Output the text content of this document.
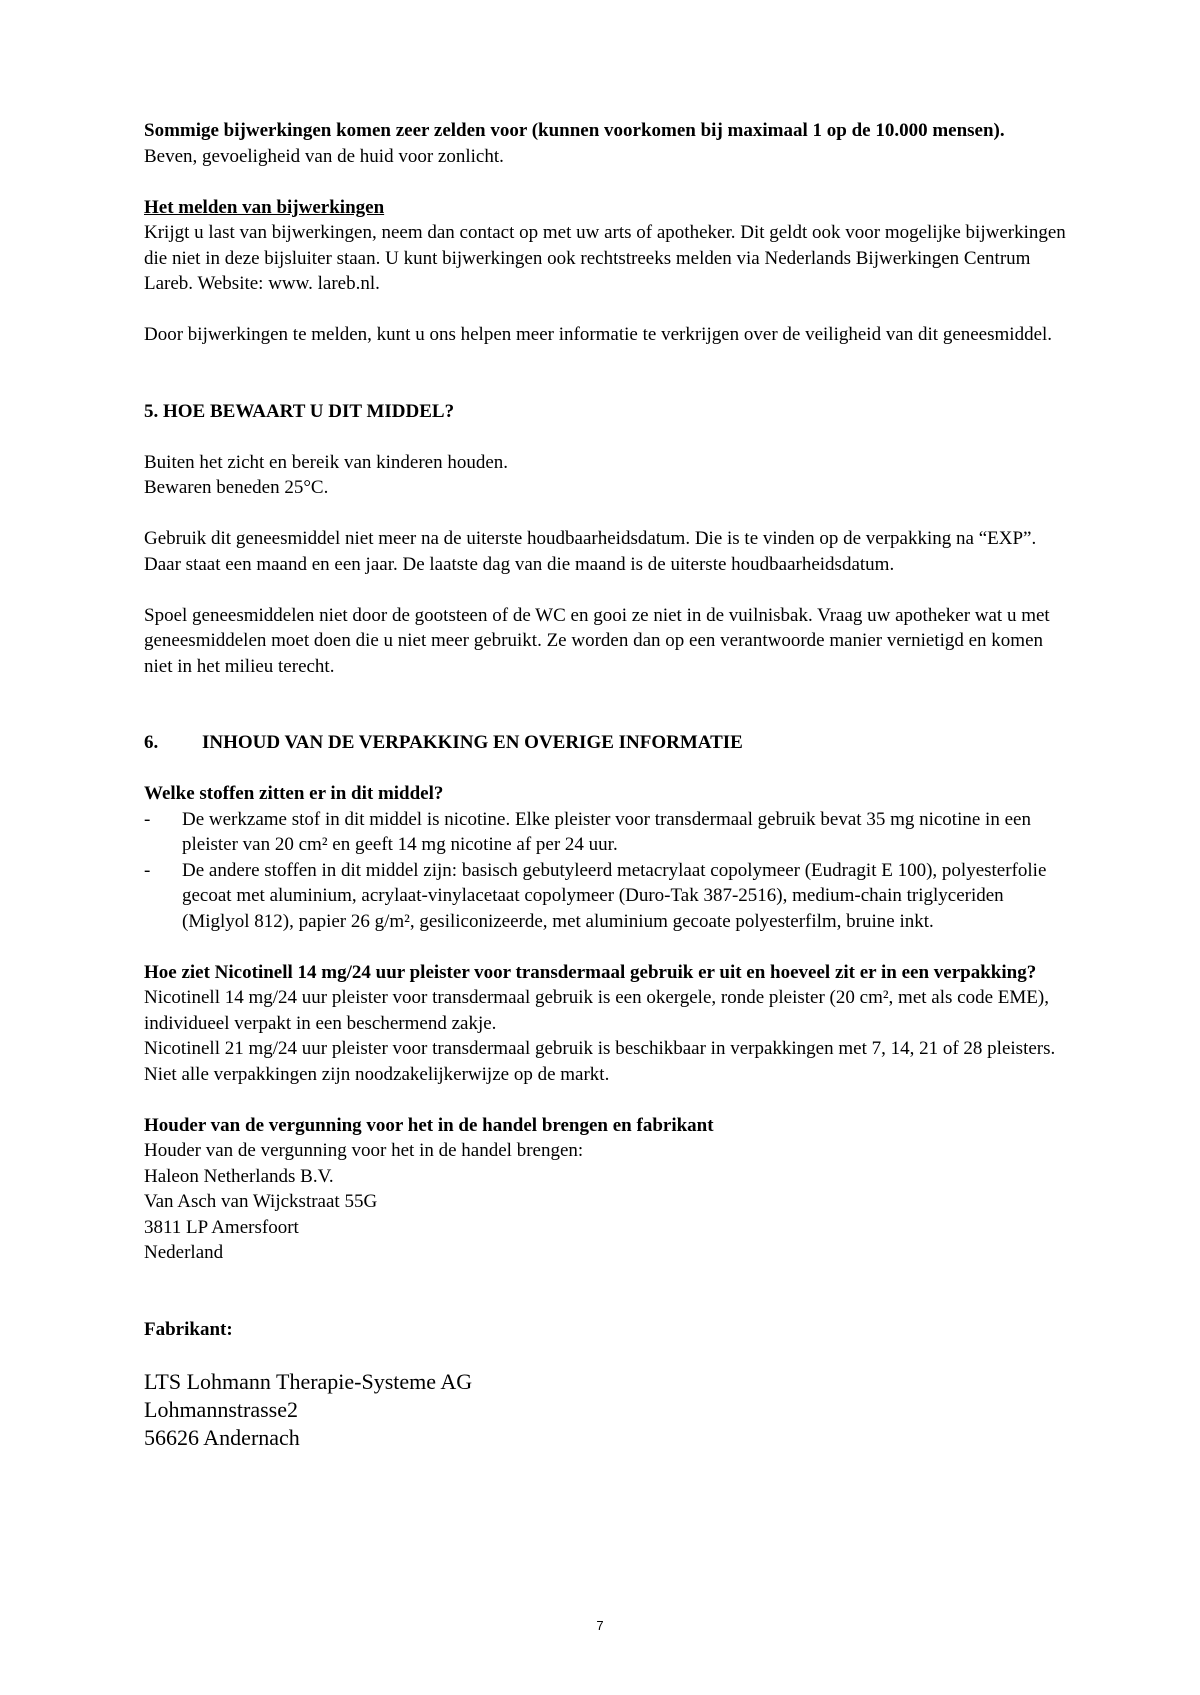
Sommige bijwerkingen komen zeer zelden voor (kunnen voorkomen bij maximaal 1 op de 10.000 mensen).

Beven, gevoeligheid van de huid voor zonlicht.

Het melden van bijwerkingen

Krijgt u last van bijwerkingen, neem dan contact op met uw arts of apotheker. Dit geldt ook voor mogelijke bijwerkingen die niet in deze bijsluiter staan. U kunt bijwerkingen ook rechtstreeks melden via Nederlands Bijwerkingen Centrum Lareb. Website: www. lareb.nl.

Door bijwerkingen te melden, kunt u ons helpen meer informatie te verkrijgen over de veiligheid van dit geneesmiddel.

5. HOE BEWAART U DIT MIDDEL?

Buiten het zicht en bereik van kinderen houden.

Bewaren beneden 25°C.

Gebruik dit geneesmiddel niet meer na de uiterste houdbaarheidsdatum. Die is te vinden op de verpakking na “EXP”. Daar staat een maand en een jaar. De laatste dag van die maand is de uiterste houdbaarheidsdatum.

Spoel geneesmiddelen niet door de gootsteen of de WC en gooi ze niet in de vuilnisbak. Vraag uw apotheker wat u met geneesmiddelen moet doen die u niet meer gebruikt. Ze worden dan op een verantwoorde manier vernietigd en komen niet in het milieu terecht.

6.	INHOUD VAN DE VERPAKKING EN OVERIGE INFORMATIE

Welke stoffen zitten er in dit middel?

-	De werkzame stof in dit middel is nicotine. Elke pleister voor transdermaal gebruik bevat 35 mg nicotine in een pleister van 20 cm² en geeft 14 mg nicotine af per 24 uur.
-	De andere stoffen in dit middel zijn: basisch gebutyleerd metacrylaat copolymeer (Eudragit E 100), polyesterfolie gecoat met aluminium, acrylaat-vinylacetaat copolymeer (Duro-Tak 387-2516), medium-chain triglyceriden (Miglyol 812), papier 26 g/m², gesiliconizeerde, met aluminium gecoate polyesterfilm, bruine inkt.

Hoe ziet Nicotinell 14 mg/24 uur pleister voor transdermaal gebruik er uit en hoeveel zit er in een verpakking?

Nicotinell 14 mg/24 uur pleister voor transdermaal gebruik is een okergele, ronde pleister (20 cm², met als code EME), individueel verpakt in een beschermend zakje.

Nicotinell 21 mg/24 uur pleister voor transdermaal gebruik is beschikbaar in verpakkingen met 7, 14, 21 of 28 pleisters. Niet alle verpakkingen zijn noodzakelijkerwijze op de markt.

Houder van de vergunning voor het in de handel brengen en fabrikant

Houder van de vergunning voor het in de handel brengen:

Haleon Netherlands B.V.

Van Asch van Wijckstraat 55G

3811 LP Amersfoort

Nederland

Fabrikant:

LTS Lohmann Therapie-Systeme AG

Lohmannstrasse2

56626 Andernach

7
